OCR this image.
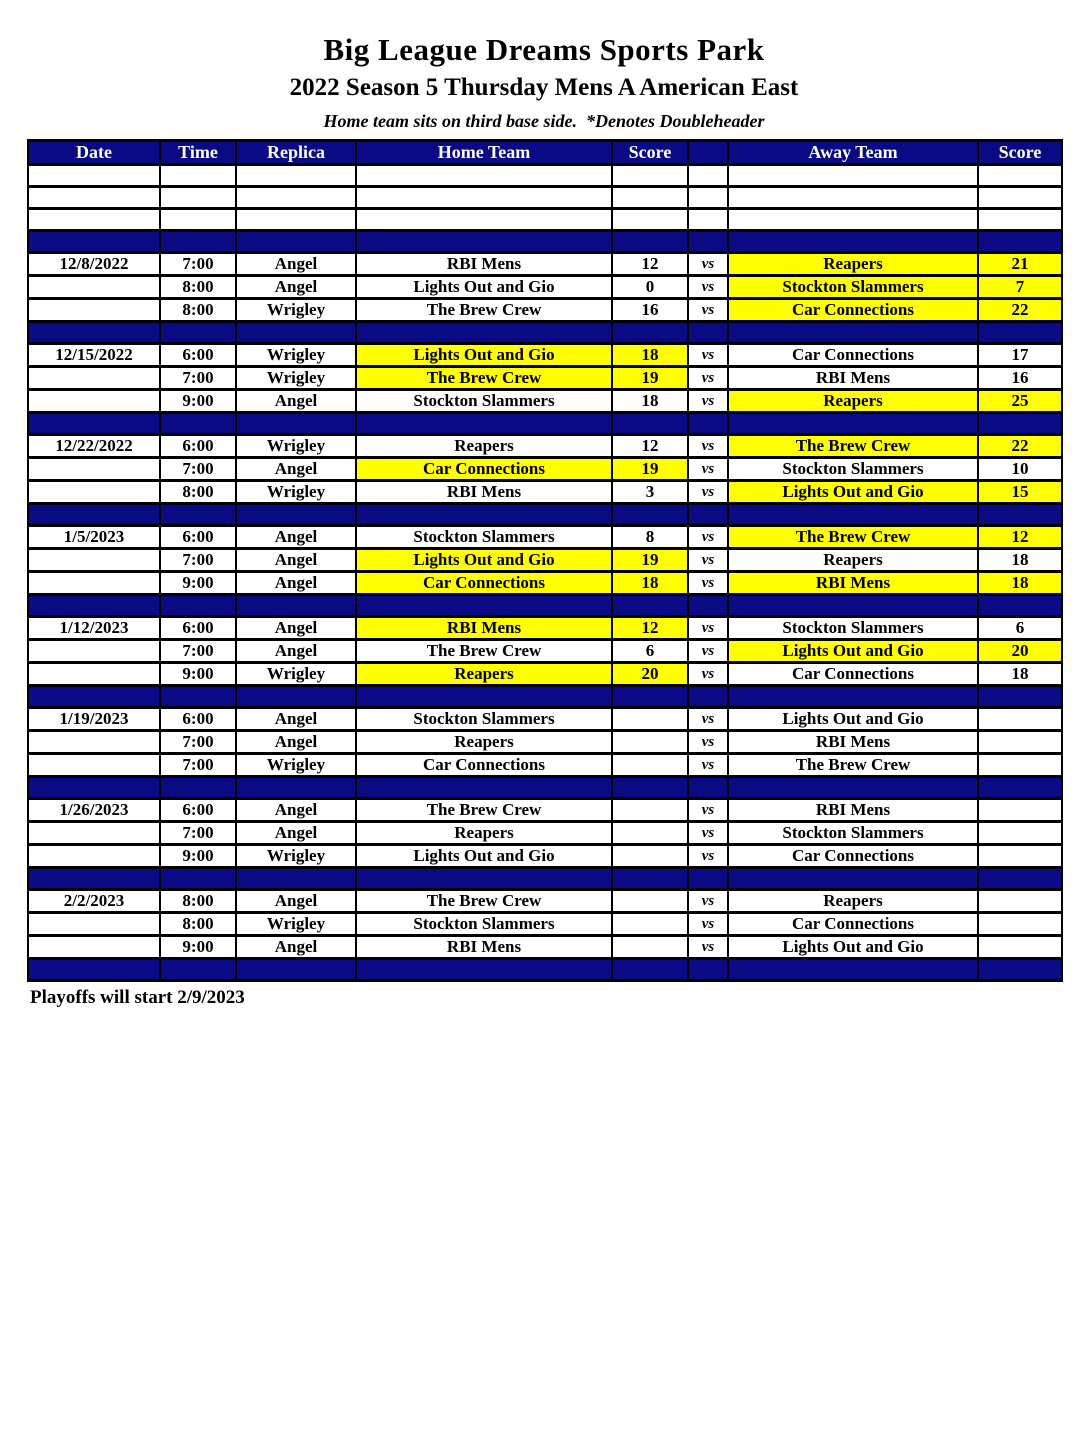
Big League Dreams Sports Park
2022 Season 5 Thursday Mens A American East
Home team sits on third base side.  *Denotes Doubleheader
Date	Time	Replica	Home Team	Score		Away Team	Score

12/8/2022	7:00	Angel	RBI Mens	12	vs	Reapers	21
	8:00	Angel	Lights Out and Gio	0	vs	Stockton Slammers	7
	8:00	Wrigley	The Brew Crew	16	vs	Car Connections	22

12/15/2022	6:00	Wrigley	Lights Out and Gio	18	vs	Car Connections	17
	7:00	Wrigley	The Brew Crew	19	vs	RBI Mens	16
	9:00	Angel	Stockton Slammers	18	vs	Reapers	25

12/22/2022	6:00	Wrigley	Reapers	12	vs	The Brew Crew	22
	7:00	Angel	Car Connections	19	vs	Stockton Slammers	10
	8:00	Wrigley	RBI Mens	3	vs	Lights Out and Gio	15

1/5/2023	6:00	Angel	Stockton Slammers	8	vs	The Brew Crew	12
	7:00	Angel	Lights Out and Gio	19	vs	Reapers	18
	9:00	Angel	Car Connections	18	vs	RBI Mens	18

1/12/2023	6:00	Angel	RBI Mens	12	vs	Stockton Slammers	6
	7:00	Angel	The Brew Crew	6	vs	Lights Out and Gio	20
	9:00	Wrigley	Reapers	20	vs	Car Connections	18

1/19/2023	6:00	Angel	Stockton Slammers		vs	Lights Out and Gio	
	7:00	Angel	Reapers		vs	RBI Mens	
	7:00	Wrigley	Car Connections		vs	The Brew Crew	

1/26/2023	6:00	Angel	The Brew Crew		vs	RBI Mens	
	7:00	Angel	Reapers		vs	Stockton Slammers	
	9:00	Wrigley	Lights Out and Gio		vs	Car Connections	

2/2/2023	8:00	Angel	The Brew Crew		vs	Reapers	
	8:00	Wrigley	Stockton Slammers		vs	Car Connections	
	9:00	Angel	RBI Mens		vs	Lights Out and Gio	

Playoffs will start 2/9/2023
